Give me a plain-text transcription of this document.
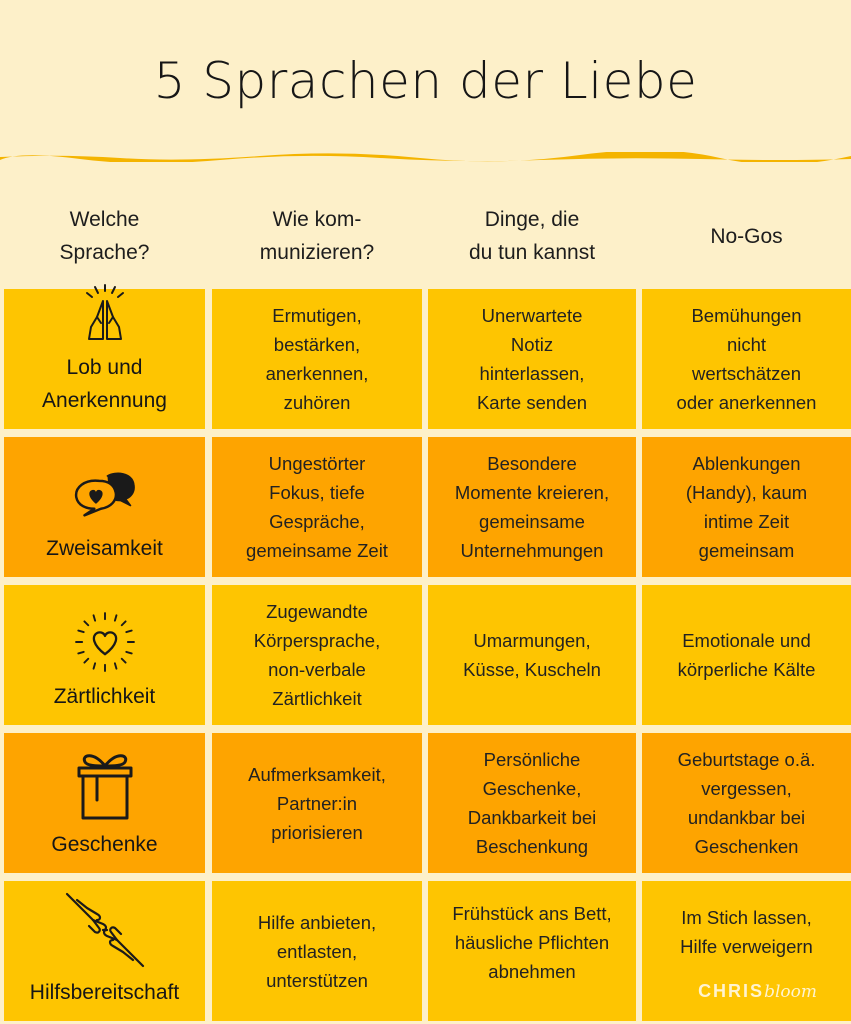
5 Sprachen der Liebe
Welche
Sprache?
Wie kom-
munizieren?
Dinge, die
du tun kannst
No-Gos
Lob und
Anerkennung
Ermutigen,
bestärken,
anerkennen,
zuhören
Unerwartete
Notiz
hinterlassen,
Karte senden
Bemühungen
nicht
wertschätzen
oder anerkennen
Zweisamkeit
Ungestörter
Fokus, tiefe
Gespräche,
gemeinsame Zeit
Besondere
Momente kreieren,
gemeinsame
Unternehmungen
Ablenkungen
(Handy), kaum
intime Zeit
gemeinsam
Zärtlichkeit
Zugewandte
Körpersprache,
non-verbale
Zärtlichkeit
Umarmungen,
Küsse, Kuscheln
Emotionale und
körperliche Kälte
Geschenke
Aufmerksamkeit,
Partner:in
priorisieren
Persönliche
Geschenke,
Dankbarkeit bei
Beschenkung
Geburtstage o.ä.
vergessen,
undankbar bei
Geschenken
Hilfsbereitschaft
Hilfe anbieten,
entlasten,
unterstützen
Frühstück ans Bett,
häusliche Pflichten
abnehmen
Im Stich lassen,
Hilfe verweigern

CHRISbloom
